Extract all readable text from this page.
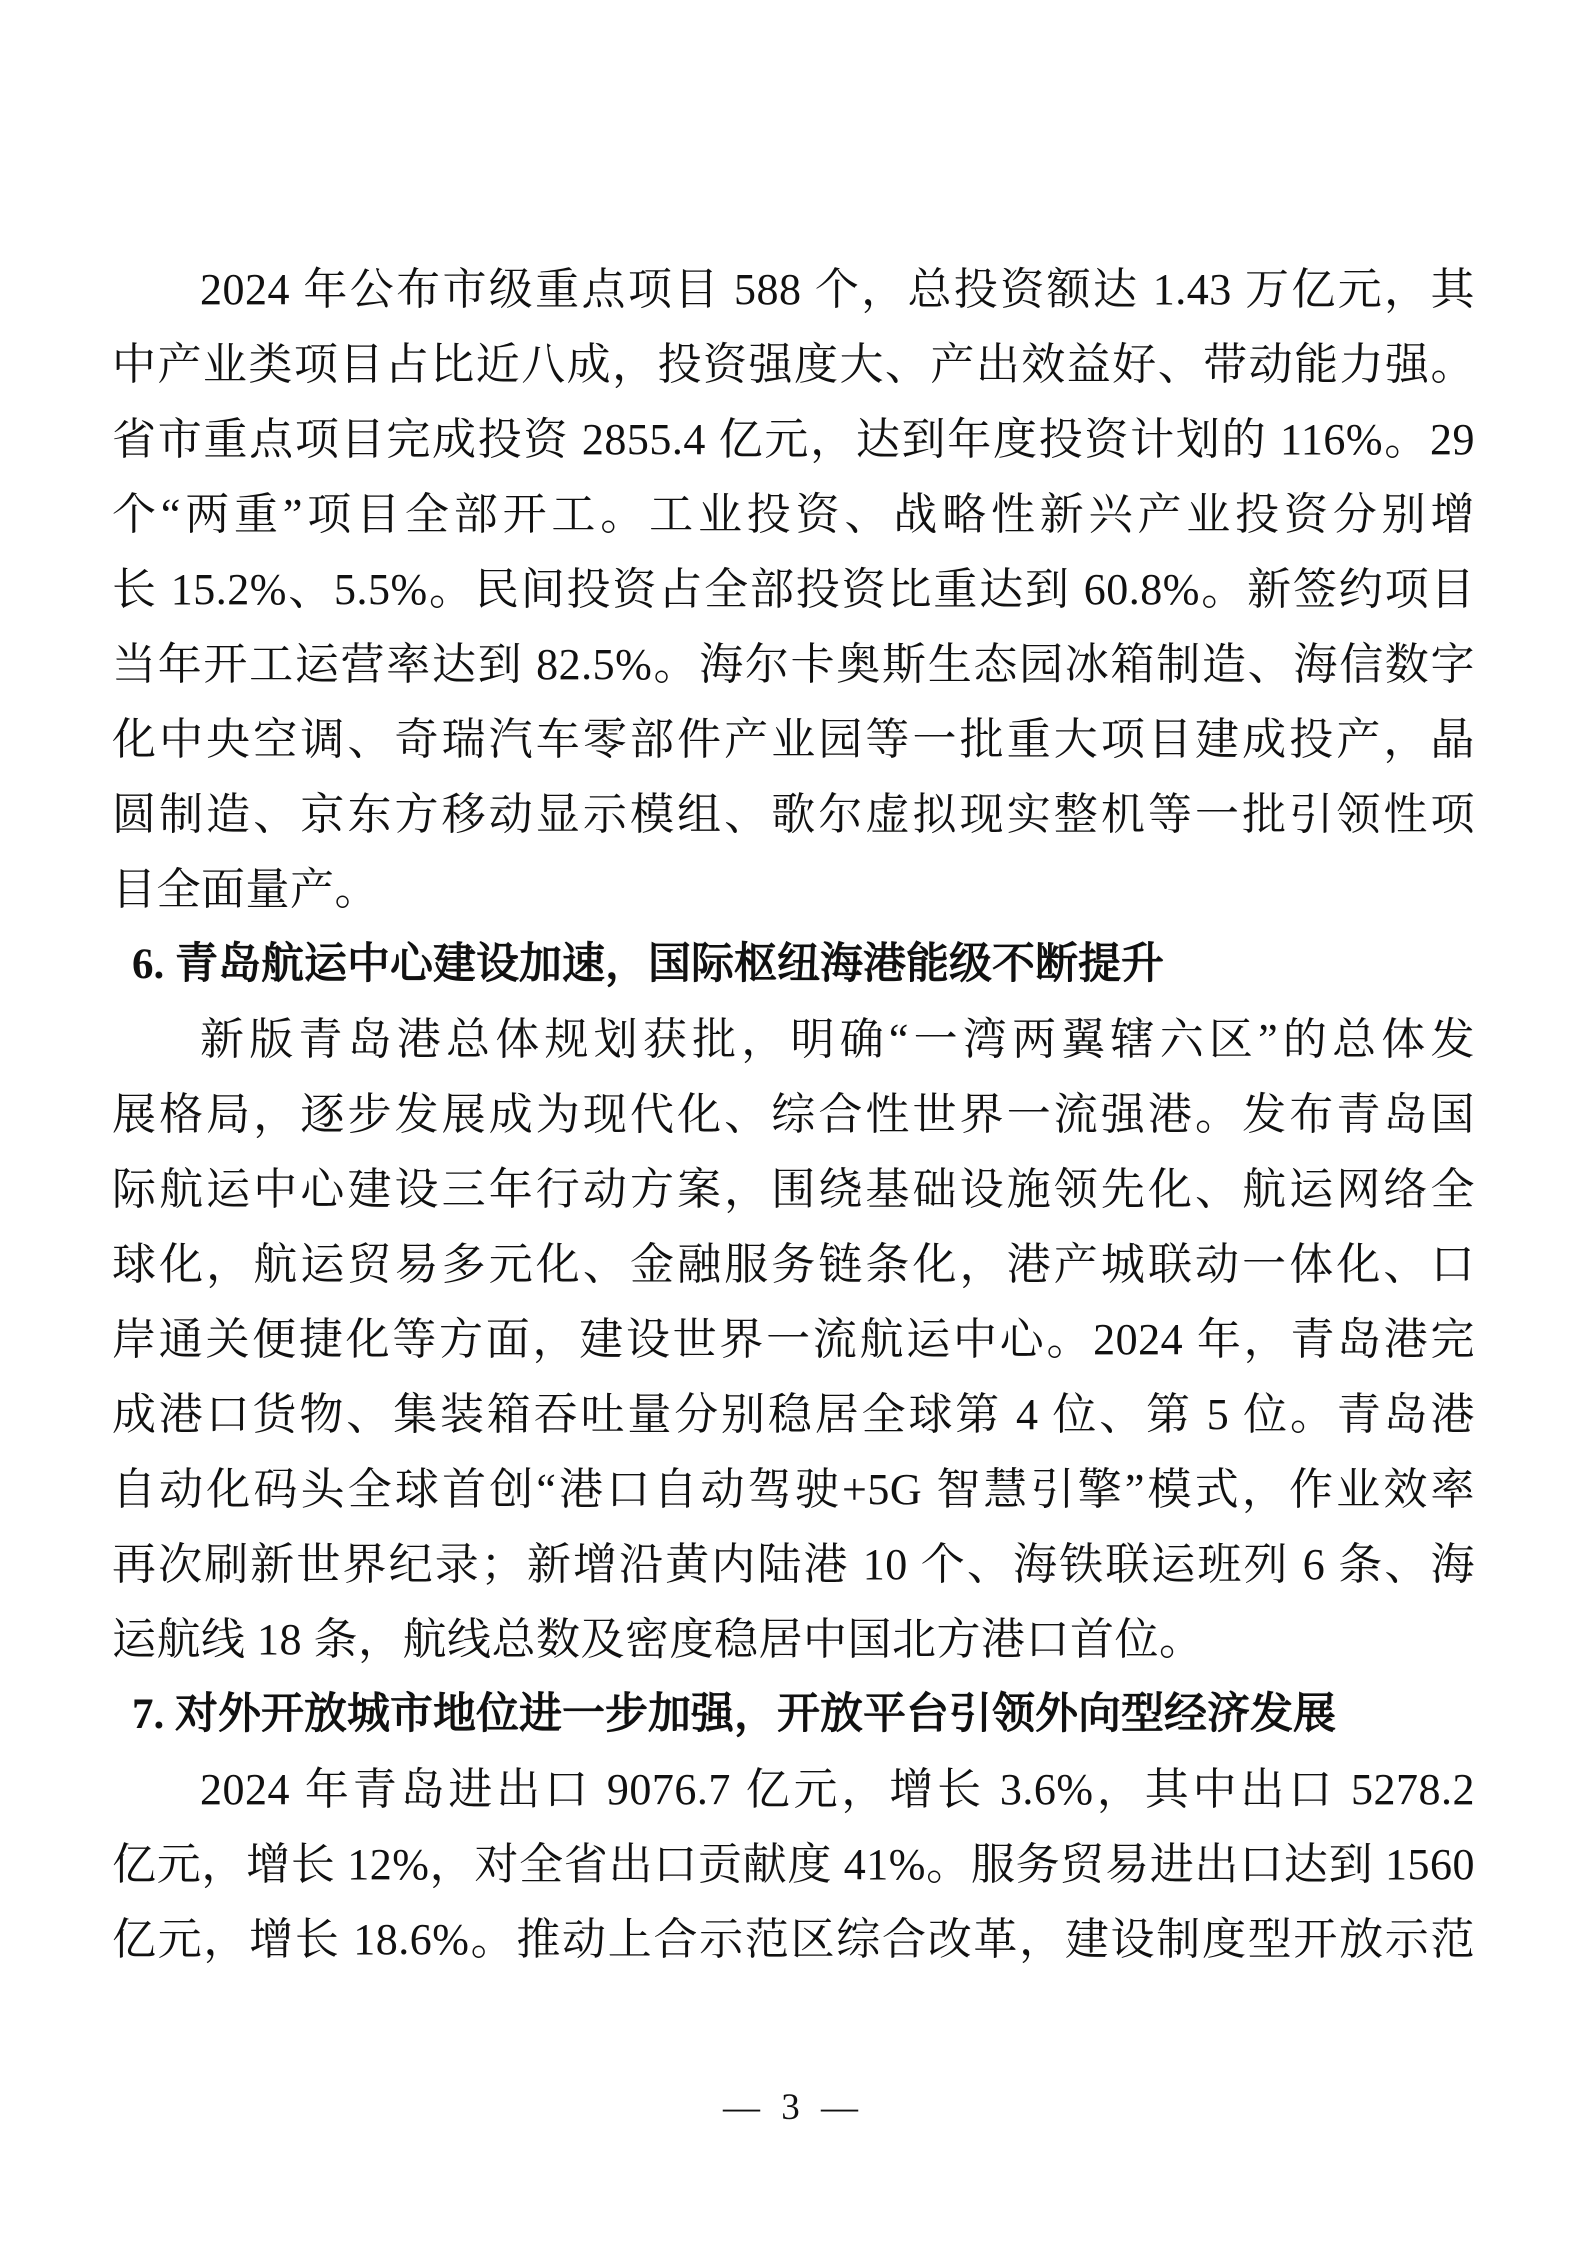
2024 年公布市级重点项目 588 个，总投资额达 1.43 万亿元，其
中产业类项目占比近八成，投资强度大、产出效益好、带动能力强。
省市重点项目完成投资 2855.4 亿元，达到年度投资计划的 116%。29
个“两重”项目全部开工。工业投资、战略性新兴产业投资分别增
长 15.2%、5.5%。民间投资占全部投资比重达到 60.8%。新签约项目
当年开工运营率达到 82.5%。海尔卡奥斯生态园冰箱制造、海信数字
化中央空调、奇瑞汽车零部件产业园等一批重大项目建成投产，晶
圆制造、京东方移动显示模组、歌尔虚拟现实整机等一批引领性项
目全面量产。
6. 青岛航运中心建设加速，国际枢纽海港能级不断提升
新版青岛港总体规划获批，明确“一湾两翼辖六区”的总体发
展格局，逐步发展成为现代化、综合性世界一流强港。发布青岛国
际航运中心建设三年行动方案，围绕基础设施领先化、航运网络全
球化，航运贸易多元化、金融服务链条化，港产城联动一体化、口
岸通关便捷化等方面，建设世界一流航运中心。2024 年，青岛港完
成港口货物、集装箱吞吐量分别稳居全球第 4 位、第 5 位。青岛港
自动化码头全球首创“港口自动驾驶+5G 智慧引擎”模式，作业效率
再次刷新世界纪录；新增沿黄内陆港 10 个、海铁联运班列 6 条、海
运航线 18 条，航线总数及密度稳居中国北方港口首位。
7. 对外开放城市地位进一步加强，开放平台引领外向型经济发展
2024 年青岛进出口 9076.7 亿元，增长 3.6%，其中出口 5278.2
亿元，增长 12%，对全省出口贡献度 41%。服务贸易进出口达到 1560
亿元，增长 18.6%。推动上合示范区综合改革，建设制度型开放示范
— 3 —
